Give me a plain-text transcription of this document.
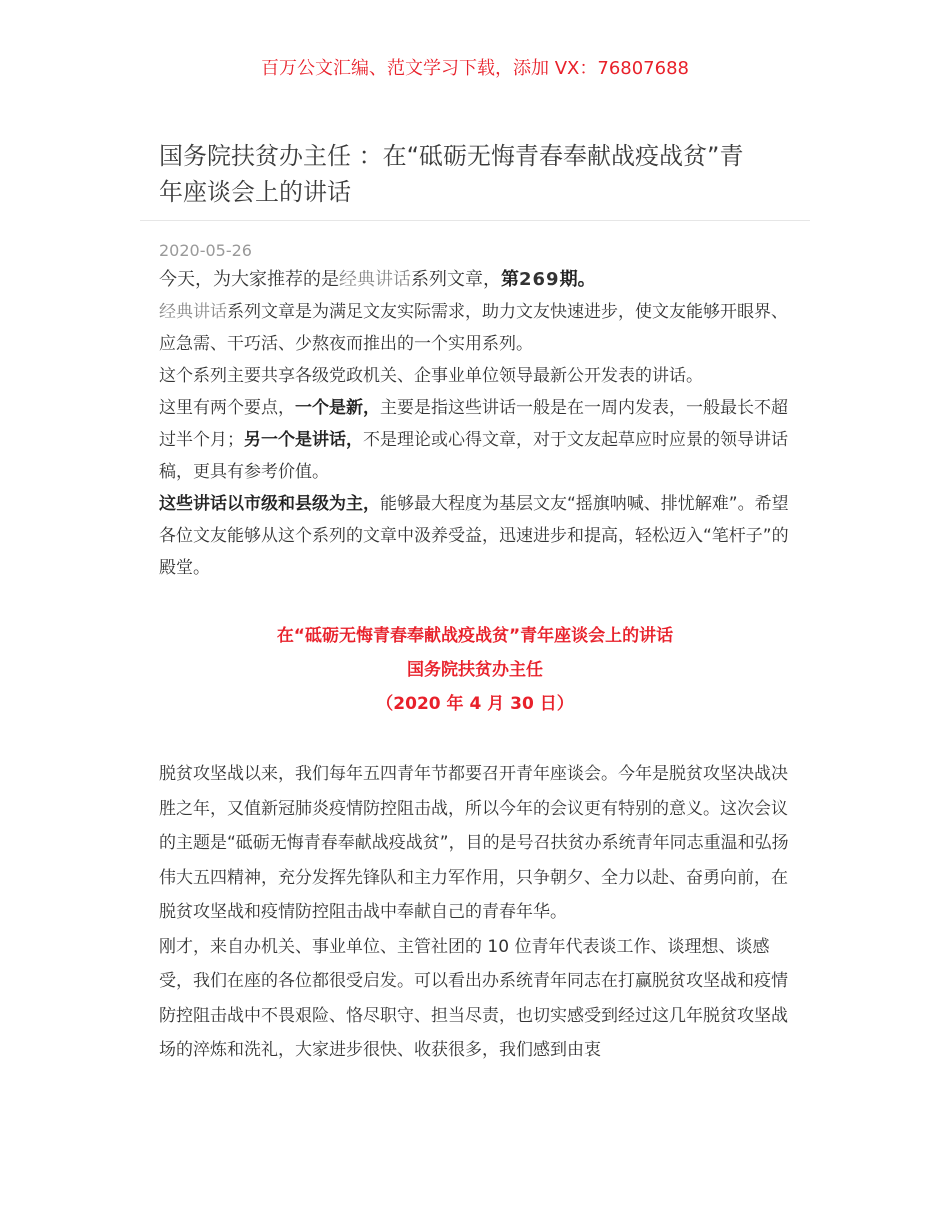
百万公文汇编、范文学习下载，添加 VX：76807688
国务院扶贫办主任 ：在“砥砺无悔青春奉献战疫战贫”青年座谈会上的讲话
2020-05-26

今天，为大家推荐的是经典讲话系列文章，第269期。

经典讲话系列文章是为满足文友实际需求，助力文友快速进步，使文友能够开眼界、应急需、干巧活、少熬夜而推出的一个实用系列。

这个系列主要共享各级党政机关、企事业单位领导最新公开发表的讲话。

这里有两个要点，一个是新，主要是指这些讲话一般是在一周内发表，一般最长不超过半个月；另一个是讲话，不是理论或心得文章，对于文友起草应时应景的领导讲话稿，更具有参考价值。

这些讲话以市级和县级为主，能够最大程度为基层文友“摇旗呐喊、排忧解难”。希望各位文友能够从这个系列的文章中汲养受益，迅速进步和提高，轻松迈入“笔杆子”的殿堂。

在“砥砺无悔青春奉献战疫战贫”青年座谈会上的讲话
国务院扶贫办主任
（2020 年 4 月 30 日）

脱贫攻坚战以来，我们每年五四青年节都要召开青年座谈会。今年是脱贫攻坚决战决胜之年，又值新冠肺炎疫情防控阻击战，所以今年的会议更有特别的意义。这次会议的主题是“砥砺无悔青春奉献战疫战贫”，目的是号召扶贫办系统青年同志重温和弘扬伟大五四精神，充分发挥先锋队和主力军作用，只争朝夕、全力以赴、奋勇向前，在脱贫攻坚战和疫情防控阻击战中奉献自己的青春年华。

刚才，来自办机关、事业单位、主管社团的 10 位青年代表谈工作、谈理想、谈感受，我们在座的各位都很受启发。可以看出办系统青年同志在打赢脱贫攻坚战和疫情防控阻击战中不畏艰险、恪尽职守、担当尽责，也切实感受到经过这几年脱贫攻坚战场的淬炼和洗礼，大家进步很快、收获很多，我们感到由衷
